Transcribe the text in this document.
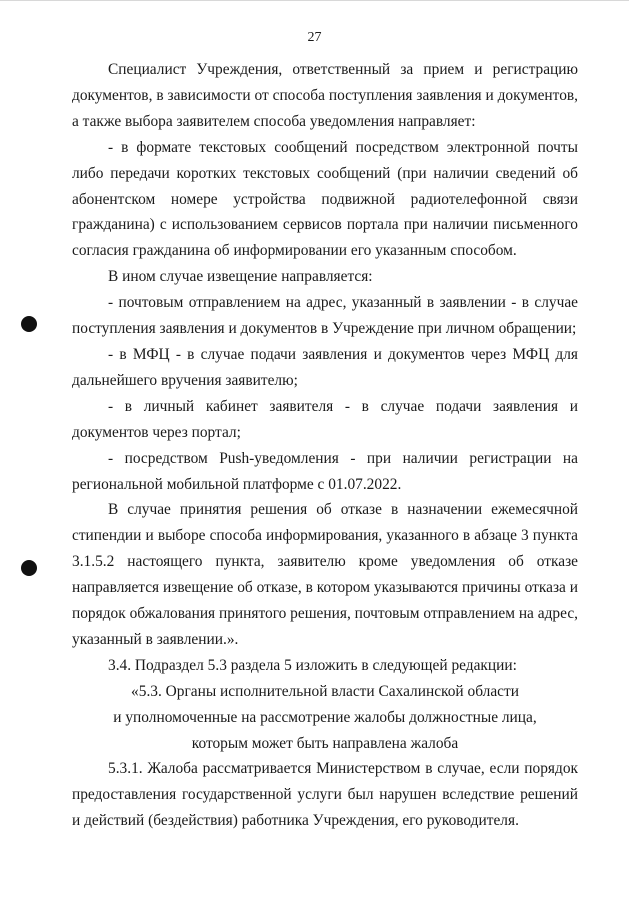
27

Специалист Учреждения, ответственный за прием и регистрацию документов, в зависимости от способа поступления заявления и документов, а также выбора заявителем способа уведомления направляет:

- в формате текстовых сообщений посредством электронной почты либо передачи коротких текстовых сообщений (при наличии сведений об абонентском номере устройства подвижной радиотелефонной связи гражданина) с использованием сервисов портала при наличии письменного согласия гражданина об информировании его указанным способом.

В ином случае извещение направляется:

- почтовым отправлением на адрес, указанный в заявлении - в случае поступления заявления и документов в Учреждение при личном обращении;

- в МФЦ - в случае подачи заявления и документов через МФЦ для дальнейшего вручения заявителю;

- в личный кабинет заявителя - в случае подачи заявления и документов через портал;

- посредством Push-уведомления - при наличии регистрации на региональной мобильной платформе с 01.07.2022.

В случае принятия решения об отказе в назначении ежемесячной стипендии и выборе способа информирования, указанного в абзаце 3 пункта 3.1.5.2 настоящего пункта, заявителю кроме уведомления об отказе направляется извещение об отказе, в котором указываются причины отказа и порядок обжалования принятого решения, почтовым отправлением на адрес, указанный в заявлении.».

3.4. Подраздел 5.3 раздела 5 изложить в следующей редакции:

«5.3. Органы исполнительной власти Сахалинской области
и уполномоченные на рассмотрение жалобы должностные лица,
которым может быть направлена жалоба

5.3.1. Жалоба рассматривается Министерством в случае, если порядок предоставления государственной услуги был нарушен вследствие решений и действий (бездействия) работника Учреждения, его руководителя.
